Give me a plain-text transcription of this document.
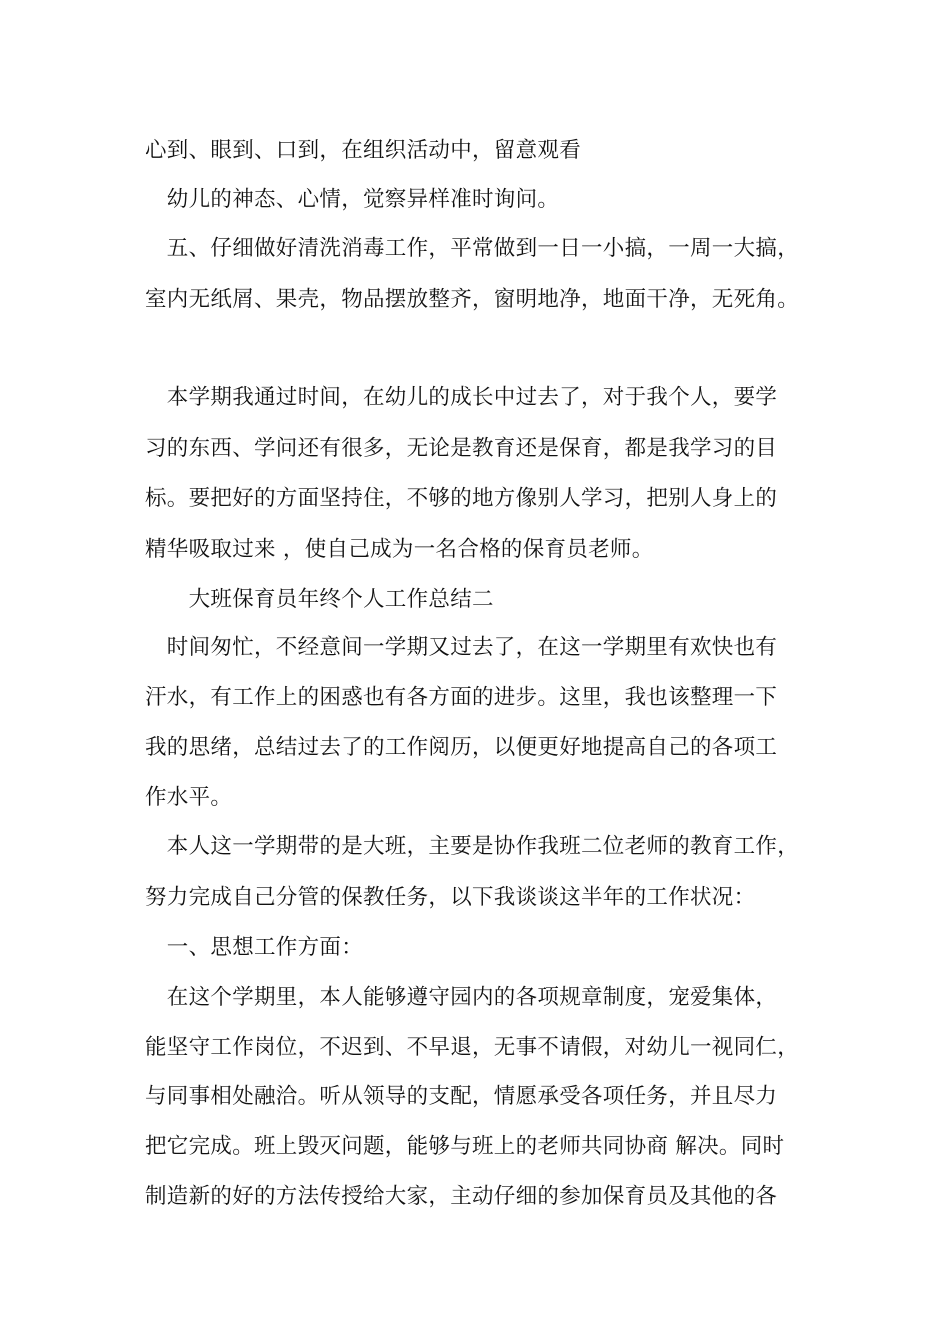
心到、眼到、口到，在组织活动中，留意观看
　幼儿的神态、心情，觉察异样准时询问。
　五、仔细做好清洗消毒工作，平常做到一日一小搞，一周一大搞，
室内无纸屑、果壳，物品摆放整齐，窗明地净，地面干净，无死角。
　本学期我通过时间，在幼儿的成长中过去了，对于我个人，要学
习的东西、学问还有很多，无论是教育还是保育，都是我学习的目
标。要把好的方面坚持住，不够的地方像别人学习，把别人身上的
精华吸取过来 ，使自己成为一名合格的保育员老师。
　　大班保育员年终个人工作总结二
　时间匆忙，不经意间一学期又过去了，在这一学期里有欢快也有
汗水，有工作上的困惑也有各方面的进步。这里，我也该整理一下
我的思绪，总结过去了的工作阅历，以便更好地提高自己的各项工
作水平。
　本人这一学期带的是大班，主要是协作我班二位老师的教育工作，
努力完成自己分管的保教任务，以下我谈谈这半年的工作状况：
　一、思想工作方面：
　在这个学期里，本人能够遵守园内的各项规章制度，宠爱集体，
能坚守工作岗位，不迟到、不早退，无事不请假，对幼儿一视同仁，
与同事相处融洽。听从领导的支配，情愿承受各项任务，并且尽力
把它完成。班上毁灭问题，能够与班上的老师共同协商 解决。同时
制造新的好的方法传授给大家，主动仔细的参加保育员及其他的各
